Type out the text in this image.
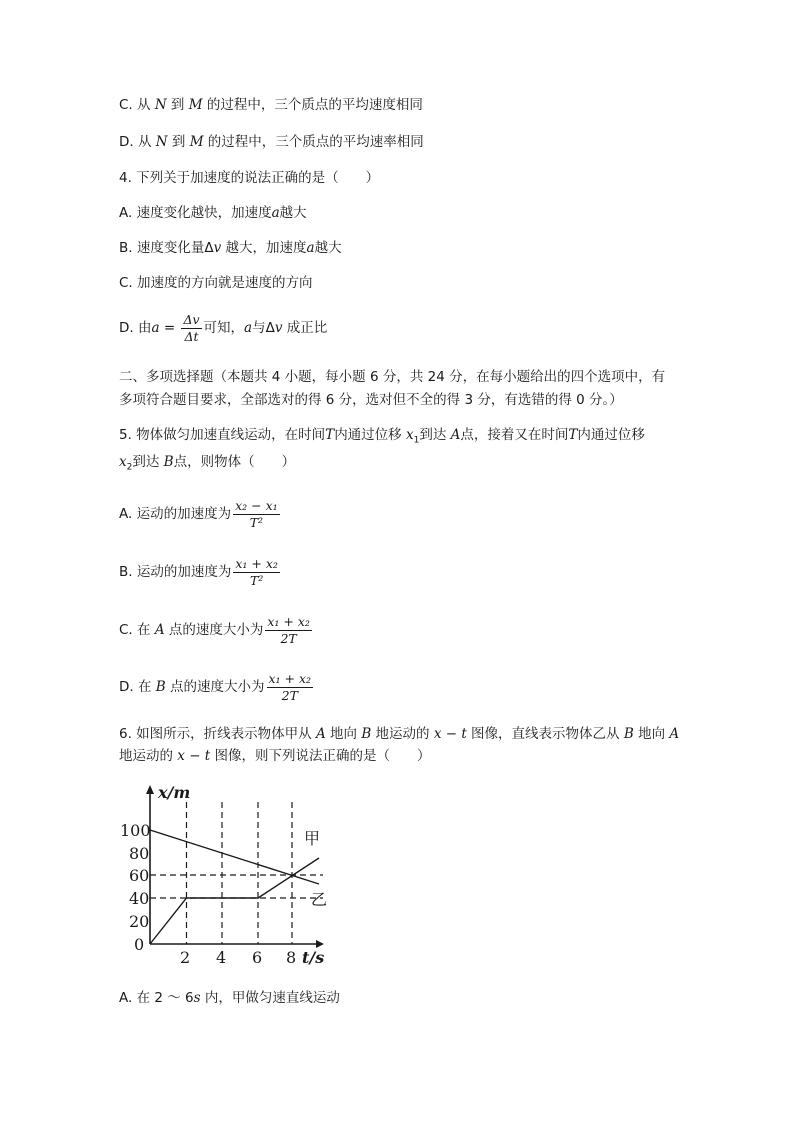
C. 从 N 到 M 的过程中，三个质点的平均速度相同
D. 从 N 到 M 的过程中，三个质点的平均速率相同
4. 下列关于加速度的说法正确的是（　　）
A. 速度变化越快，加速度a越大
B. 速度变化量Δv 越大，加速度a越大
C. 加速度的方向就是速度的方向
D. 由$a = \frac{\Delta v}{\Delta t}$ 可知，a与Δv 成正比
二、多项选择题（本题共 4 小题，每小题 6 分，共 24 分，在每小题给出的四个选项中，有
多项符合题目要求，全部选对的得 6 分，选对但不全的得 3 分，有选错的得 0 分。）
5. 物体做匀加速直线运动，在时间T内通过位移 $x_1$到达 A点，接着又在时间T内通过位移
$x_2$到达 B点，则物体（　　）
A. 运动的加速度为 $\frac{\text{x₂ − x₁}}{\text{T²}}$
B. 运动的加速度为 $\frac{\text{x₁ + x₂}}{\text{T²}}$
C. 在 A 点的速度大小为 $\frac{\text{x₁ + x₂}}{2T}$
D. 在 B 点的速度大小为 $\frac{\text{x₁ + x₂}}{2T}$
6. 如图所示，折线表示物体甲从 A 地向 B 地运动的 x − t 图像，直线表示物体乙从 B 地向 A
地运动的 x − t 图像，则下列说法正确的是（　　）
100
80
60
40
20
0
2 4 6 8
x/m
t/s
甲
乙
A. 在 2 ～ 6s 内，甲做匀速直线运动
